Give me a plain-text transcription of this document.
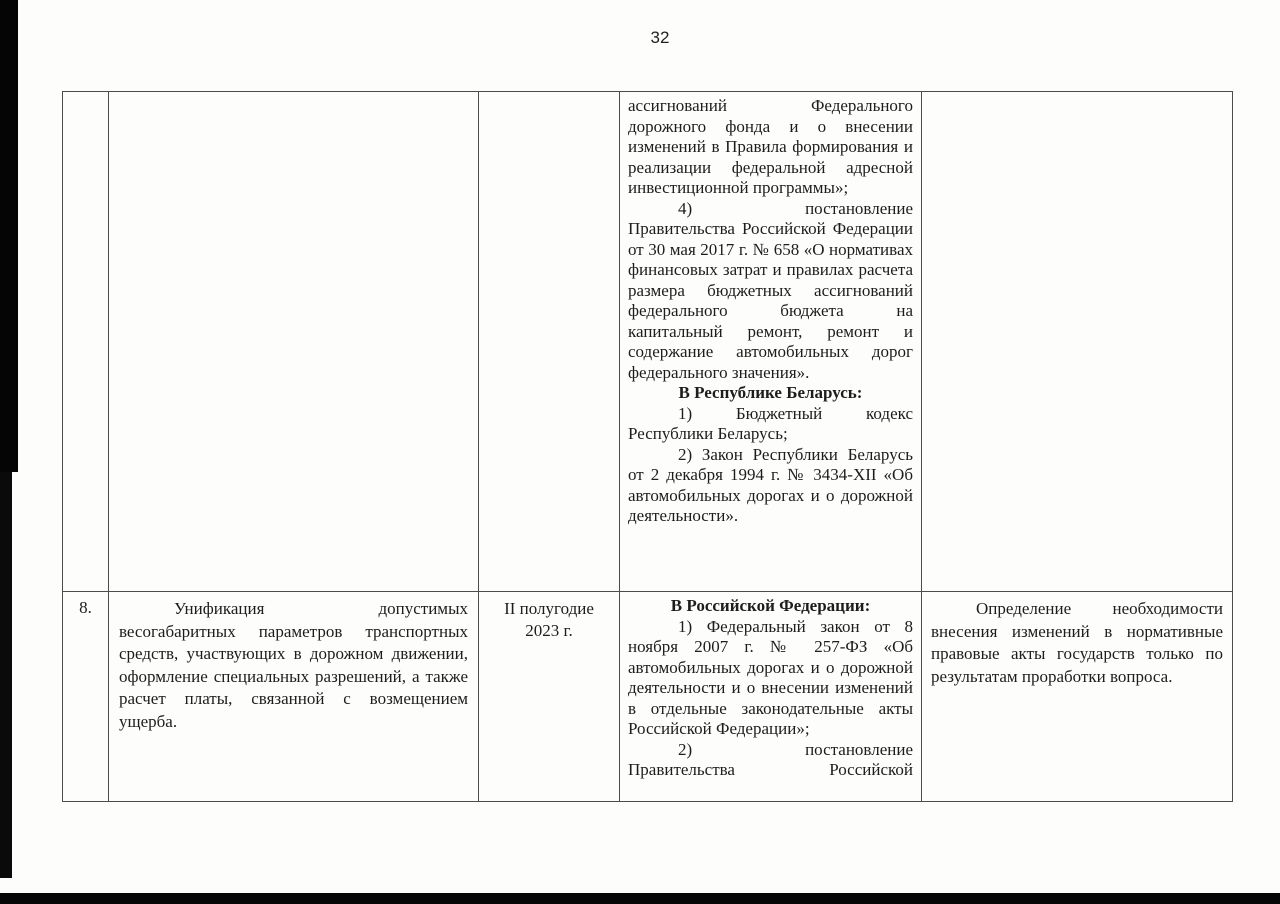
32

ассигнований Федерального дорожного фонда и о внесении изменений в Правила формирования и реализации федеральной адресной инвестиционной программы»;

4) постановление Правительства Российской Федерации от 30 мая 2017 г. № 658 «О нормативах финансовых затрат и правилах расчета размера бюджетных ассигнований федерального бюджета на капитальный ремонт, ремонт и содержание автомобильных дорог федерального значения».

В Республике Беларусь:

1) Бюджетный кодекс Республики Беларусь;

2) Закон Республики Беларусь от 2 декабря 1994 г. № 3434-XII «Об автомобильных дорогах и о дорожной деятельности».

8.	Унификация допустимых весогабаритных параметров транспортных средств, участвующих в дорожном движении, оформление специальных разрешений, а также расчет платы, связанной с возмещением ущерба.

II полугодие 2023 г.

В Российской Федерации:

1) Федеральный закон от 8 ноября 2007 г. № 257-ФЗ «Об автомобильных дорогах и о дорожной деятельности и о внесении изменений в отдельные законодательные акты Российской Федерации»;

2) постановление Правительства Российской

Определение необходимости внесения изменений в нормативные правовые акты государств только по результатам проработки вопроса.
